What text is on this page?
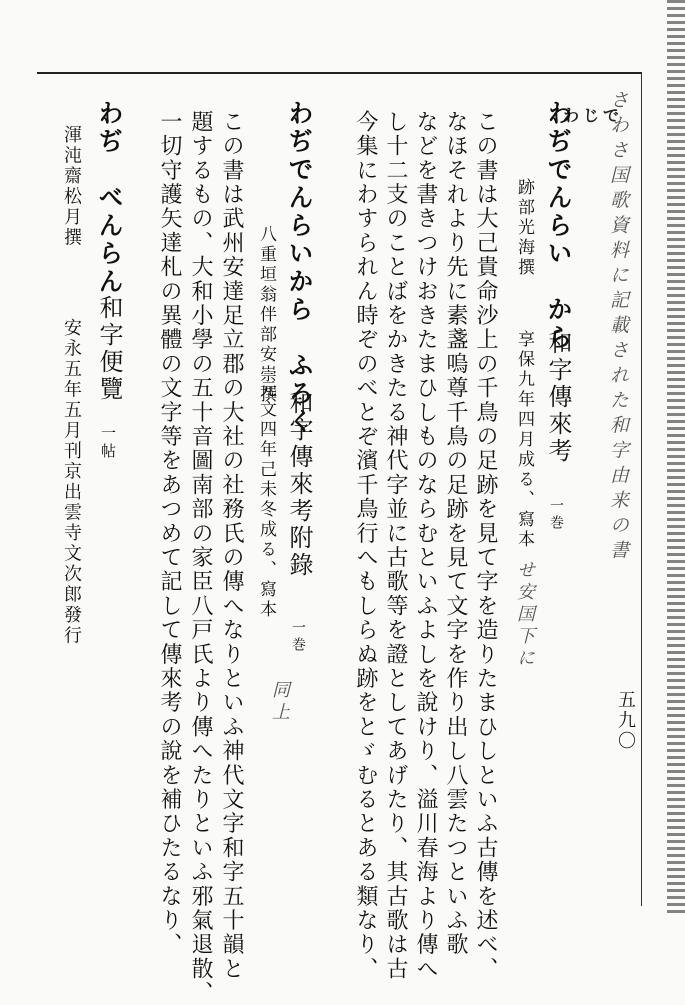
さわさ国歌資料に記載された和字由来の書
わじで
五九〇
わぢでんらい　から
跡部光海撰
和字傳來考
一巻
享保九年四月成る、寫本
せ安国下に
この書は大己貴命沙上の千鳥の足跡を見て字を造りたまひしといふ古傳を述べ、
なほそれより先に素盞嗚尊千鳥の足跡を見て文字を作り出し八雲たつといふ歌
などを書きつけおきたまひしものならむといふよしを說けり、溢川春海より傳へ
し十二支のことばをかきたる神代字並に古歌等を證としてあげたり、其古歌は古
今集にわすられん時ぞのべとぞ濱千鳥行へもしらぬ跡をとゞむるとある類なり、
わぢでんらいから　ふろく
八重垣翁伴部安崇撰
和字傳來考附錄
一巻
元文四年己未冬成る、寫本
同上
この書は武州安達足立郡の大社の社務氏の傳へなりといふ神代文字和字五十韻と
題するもの、大和小學の五十音圖南部の家臣八戸氏より傳へたりといふ邪氣退散、
一切守護矢達札の異體の文字等をあつめて記して傳來考の說を補ひたるなり、
わぢ　べんらん
和字便覽
一帖
渾沌齋松月撰
安永五年五月刊京出雲寺文次郎發行
